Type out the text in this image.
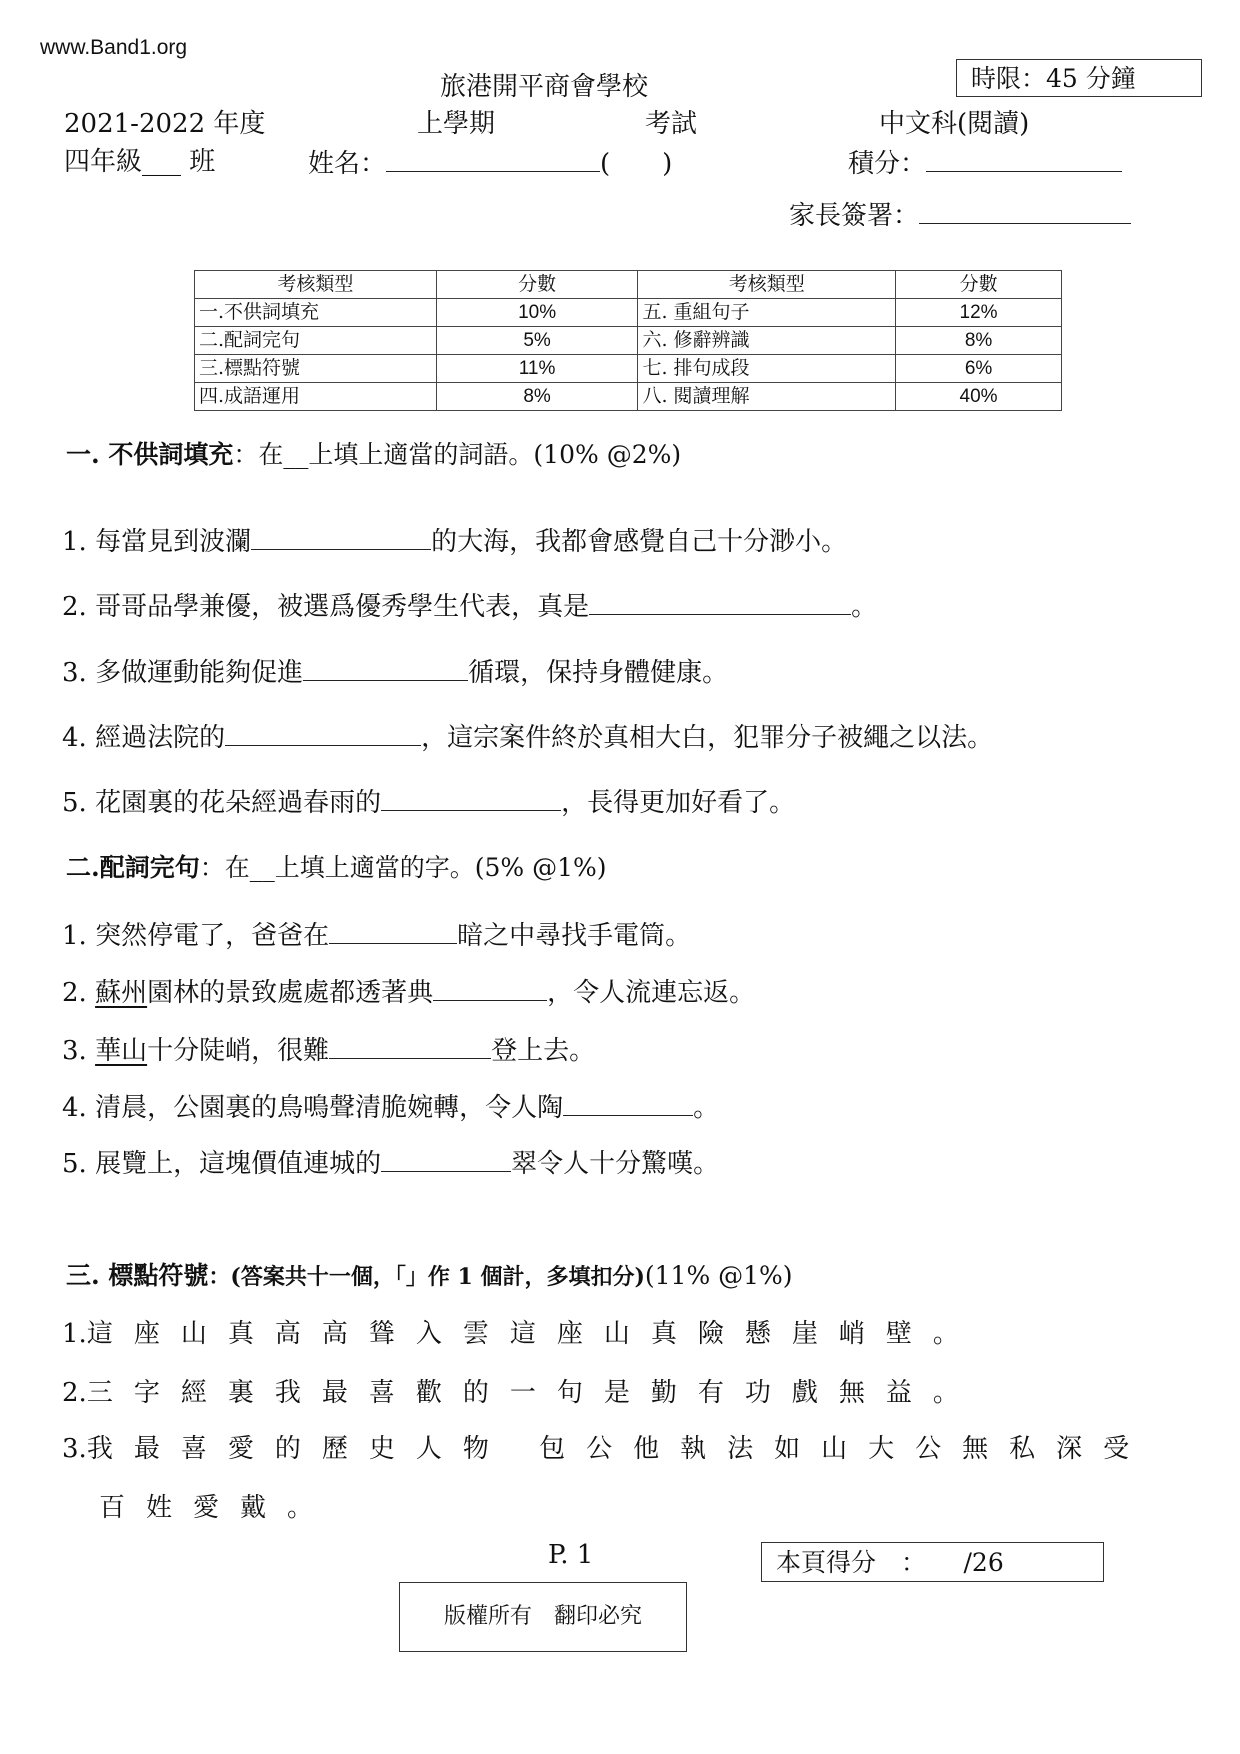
www.Band1.org
時限：45 分鐘
旅港開平商會學校
2021-2022 年度	上學期	考試	中文科(閱讀)
四年級___ 班	姓名：	(　　)	積分：
家長簽署：
考核類型	分數	考核類型	分數
一.不供詞填充	10%	五. 重組句子	12%
二.配詞完句	5%	六. 修辭辨識	8%
三.標點符號	11%	七. 排句成段	6%
四.成語運用	8%	八. 閱讀理解	40%
一. 不供詞填充：在__上填上適當的詞語。(10% @2%)
1. 每當見到波瀾	的大海，我都會感覺自己十分渺小。
2. 哥哥品學兼優，被選爲優秀學生代表，真是	。
3. 多做運動能夠促進	循環，保持身體健康。
4. 經過法院的	，這宗案件終於真相大白，犯罪分子被繩之以法。
5. 花園裏的花朵經過春雨的	，長得更加好看了。
二.配詞完句：在__上填上適當的字。(5% @1%)
1. 突然停電了，爸爸在	暗之中尋找手電筒。
2. 蘇州園林的景致處處都透著典	，令人流連忘返。
3. 華山十分陡峭，很難	登上去。
4. 清晨，公園裏的鳥鳴聲清脆婉轉，令人陶	。
5. 展覽上，這塊價值連城的	翠令人十分驚嘆。
三. 標點符號：(答案共十一個，「」作 1 個計，多填扣分)(11% @1%)
1.這座山真高高聳入雲這座山真險懸崖峭壁。
2.三字經裏我最喜歡的一句是勤有功戲無益。
3.我最喜愛的歷史人物 包公他執法如山大公無私深受
百姓愛戴。
P. 1	本頁得分　：　　/26
版權所有　翻印必究
